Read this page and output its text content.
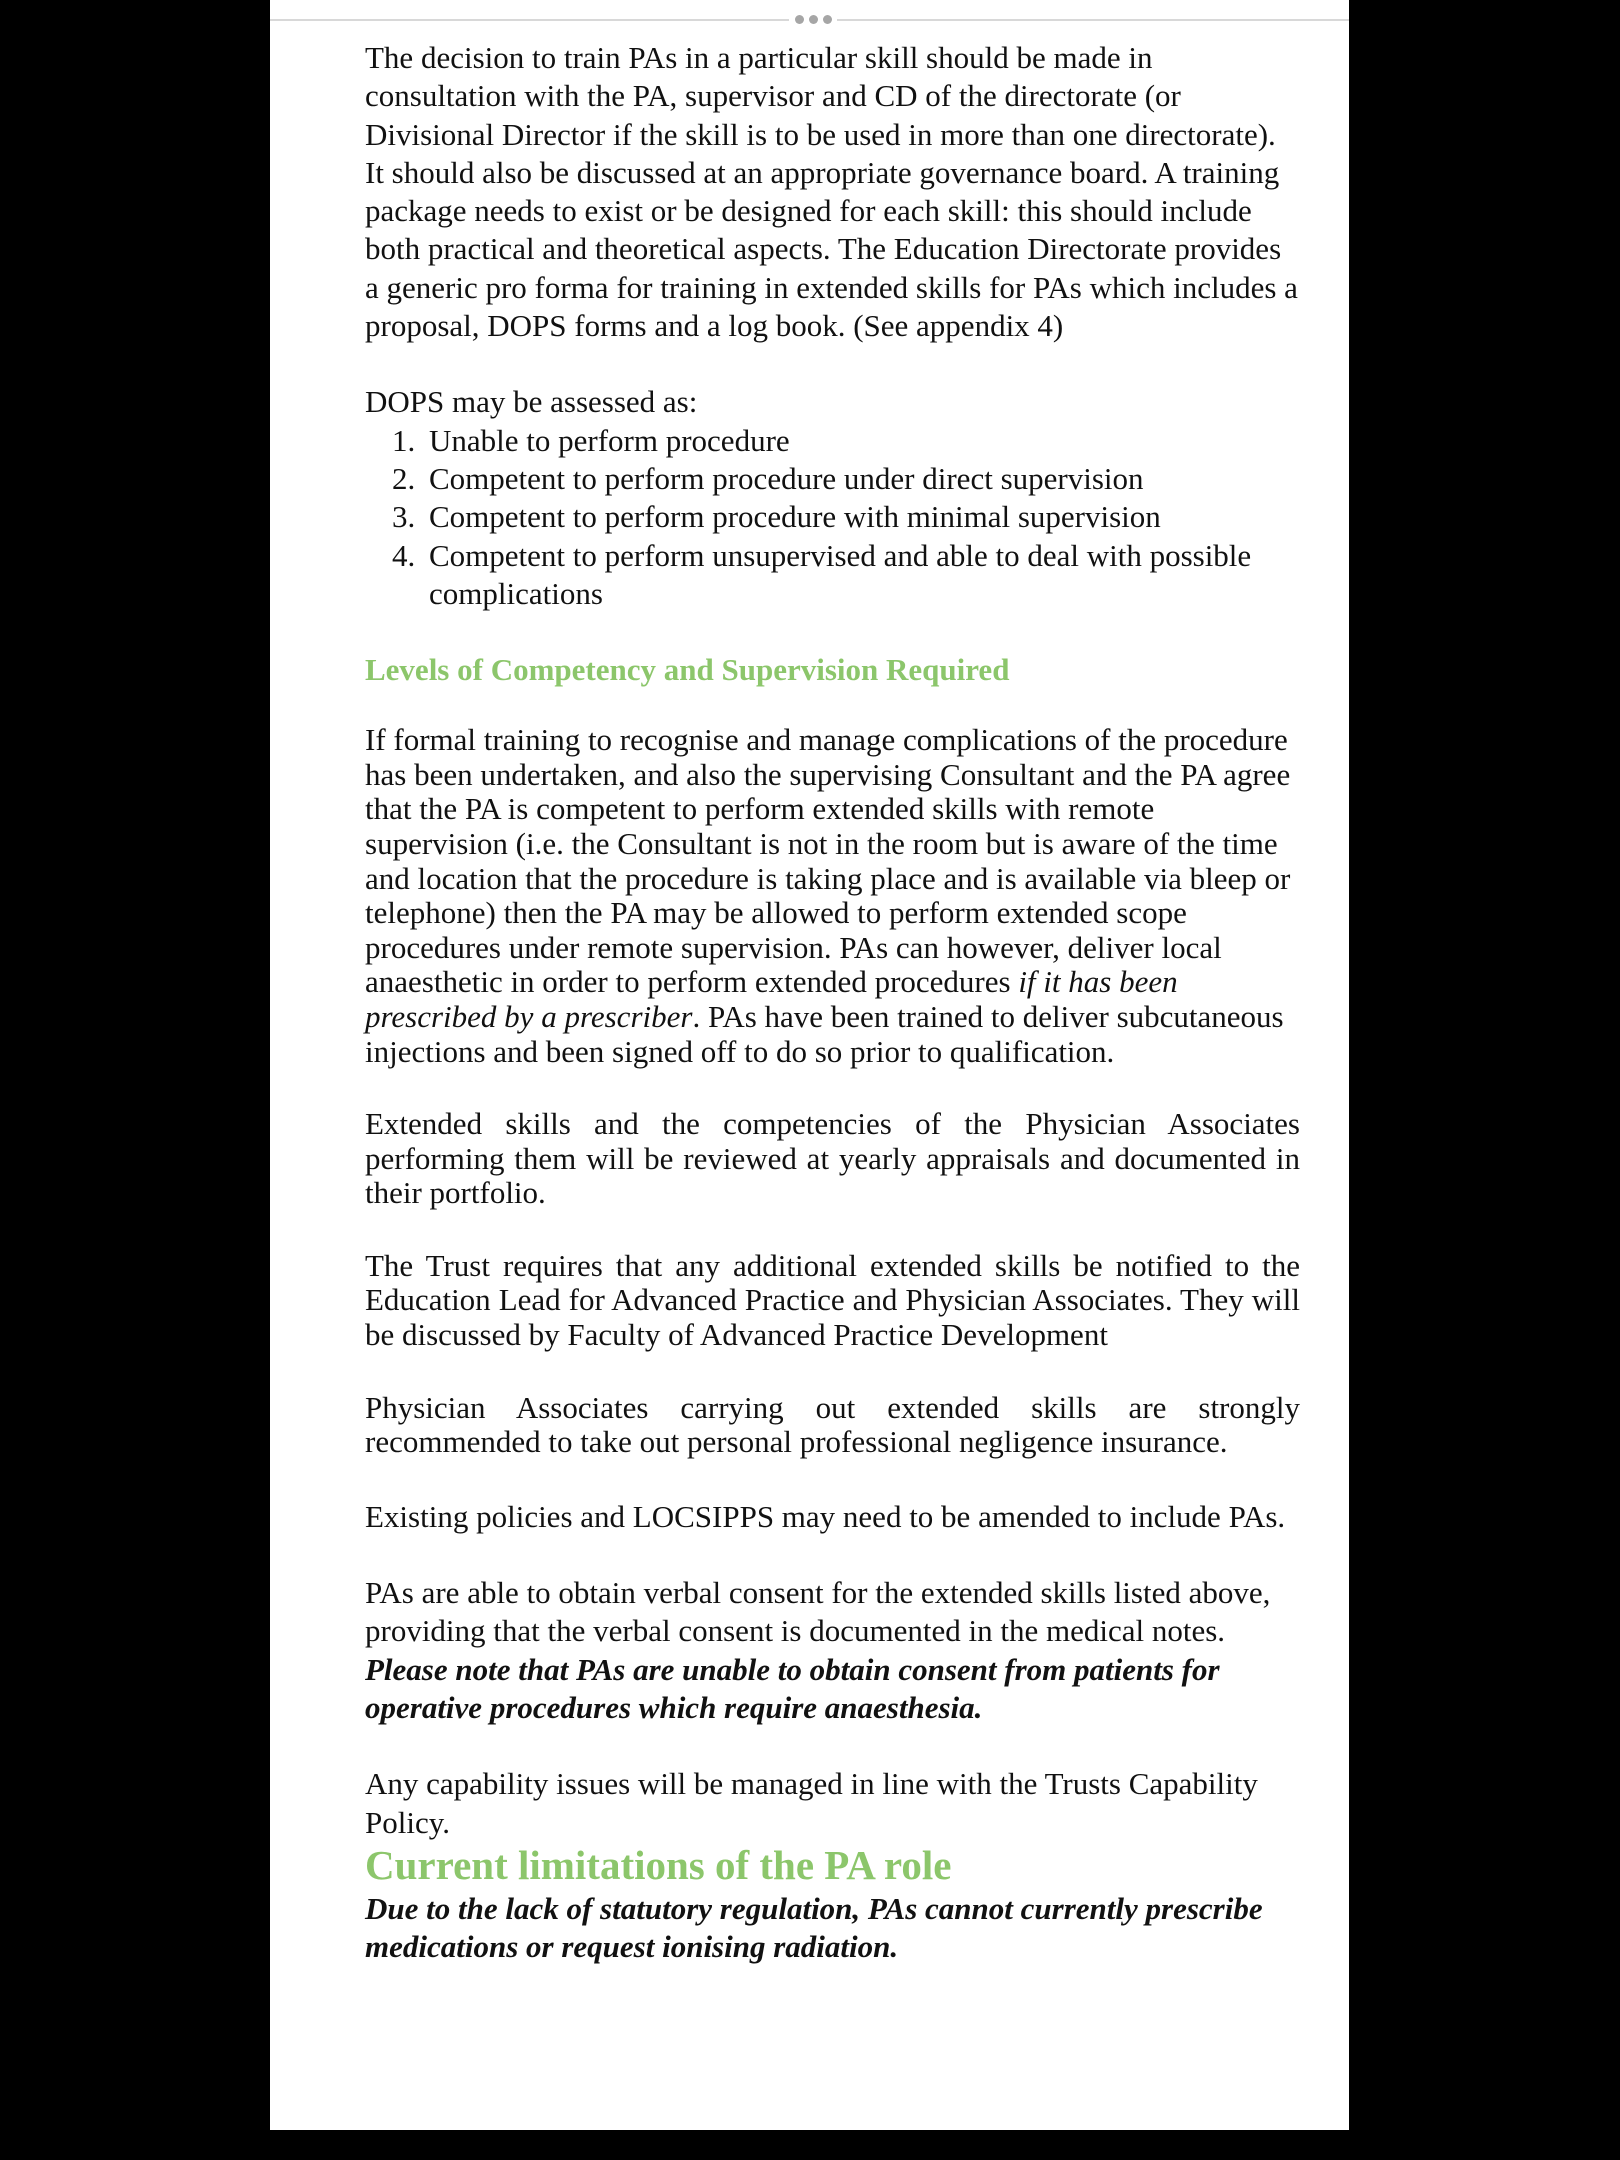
The decision to train PAs in a particular skill should be made in consultation with the PA, supervisor and CD of the directorate (or Divisional Director if the skill is to be used in more than one directorate). It should also be discussed at an appropriate governance board. A training package needs to exist or be designed for each skill: this should include both practical and theoretical aspects. The Education Directorate provides a generic pro forma for training in extended skills for PAs which includes a proposal, DOPS forms and a log book. (See appendix 4)

DOPS may be assessed as:

1. Unable to perform procedure
2. Competent to perform procedure under direct supervision
3. Competent to perform procedure with minimal supervision
4. Competent to perform unsupervised and able to deal with possible complications
Levels of Competency and Supervision Required

If formal training to recognise and manage complications of the procedure has been undertaken, and also the supervising Consultant and the PA agree that the PA is competent to perform extended skills with remote supervision (i.e. the Consultant is not in the room but is aware of the time and location that the procedure is taking place and is available via bleep or telephone) then the PA may be allowed to perform extended scope procedures under remote supervision. PAs can however, deliver local anaesthetic in order to perform extended procedures if it has been prescribed by a prescriber. PAs have been trained to deliver subcutaneous injections and been signed off to do so prior to qualification.

Extended skills and the competencies of the Physician Associates performing them will be reviewed at yearly appraisals and documented in their portfolio.

The Trust requires that any additional extended skills be notified to the Education Lead for Advanced Practice and Physician Associates. They will be discussed by Faculty of Advanced Practice Development

Physician Associates carrying out extended skills are strongly recommended to take out personal professional negligence insurance.

Existing policies and LOCSIPPS may need to be amended to include PAs.

PAs are able to obtain verbal consent for the extended skills listed above, providing that the verbal consent is documented in the medical notes. Please note that PAs are unable to obtain consent from patients for operative procedures which require anaesthesia.

Any capability issues will be managed in line with the Trusts Capability Policy.

Current limitations of the PA role

Due to the lack of statutory regulation, PAs cannot currently prescribe medications or request ionising radiation.
